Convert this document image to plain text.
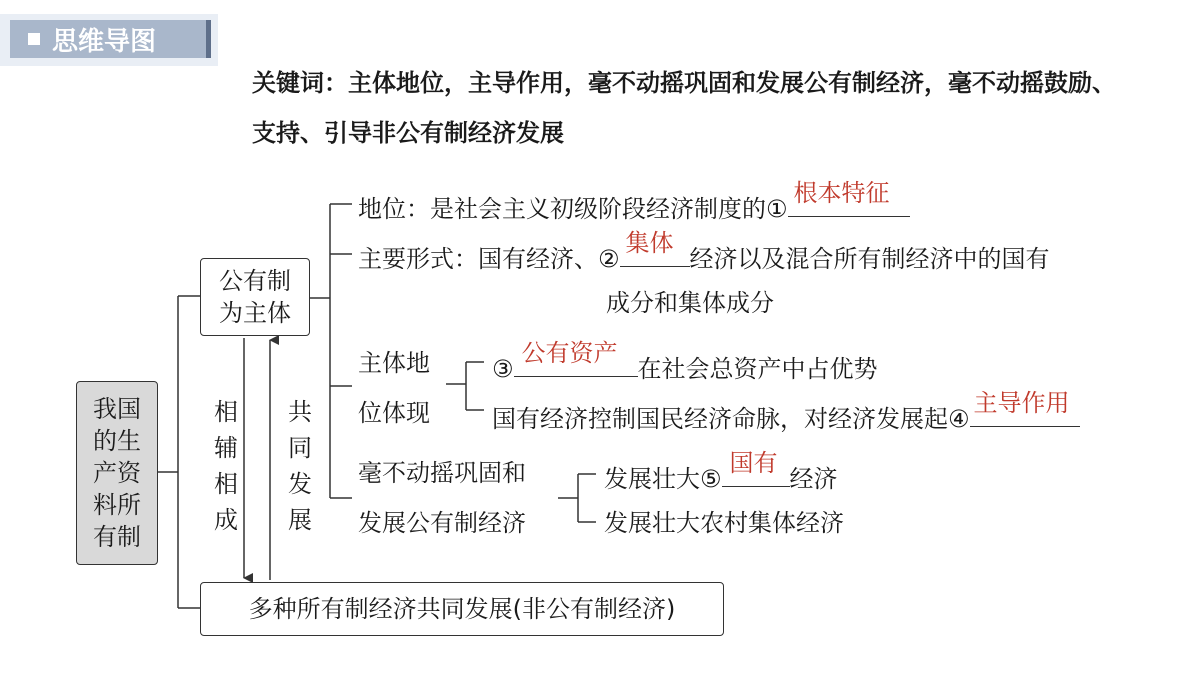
思维导图
关键词：主体地位，主导作用，毫不动摇巩固和发展公有制经济，毫不动摇鼓励、支持、引导非公有制经济发展
我国
的生
产资
料所
有制
公有制
为主体
多种所有制经济共同发展(非公有制经济)
相
辅
相
成
共
同
发
展
地位：是社会主义初级阶段经济制度的①
根本特征
主要形式：国有经济、②
集体
经济以及混合所有制经济中的国有
成分和集体成分
主体地
位体现
③
公有资产
在社会总资产中占优势
国有经济控制国民经济命脉，对经济发展起④
主导作用
毫不动摇巩固和
发展公有制经济
发展壮大⑤
国有
经济
发展壮大农村集体经济
